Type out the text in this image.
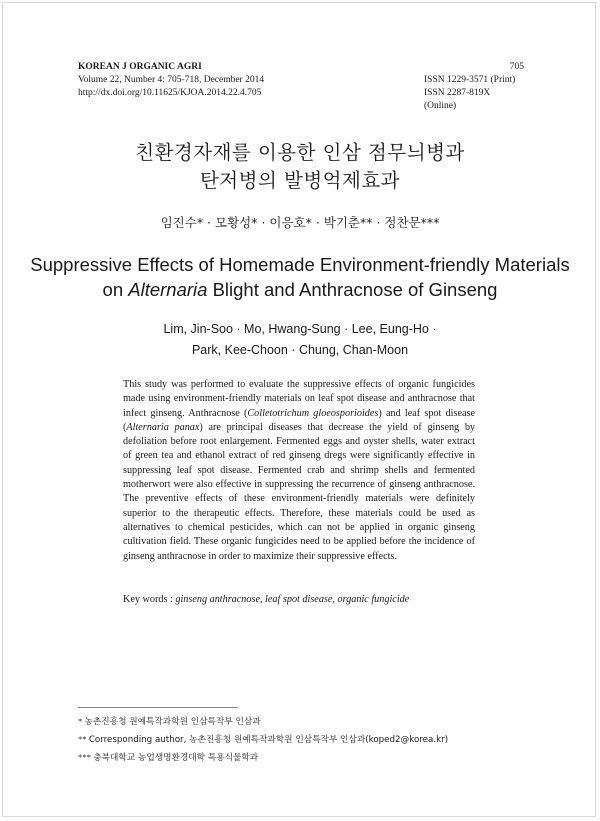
KOREAN J ORGANIC AGRI
Volume 22, Number 4: 705-718, December 2014
http://dx.doi.org/10.11625/KJOA.2014.22.4.705
705
ISSN 1229-3571 (Print)
ISSN 2287-819X (Online)
친환경자재를 이용한 인삼 점무늬병과
탄저병의 발병억제효과
임진수* · 모황성* · 이응호* · 박기춘** · 정찬문***
Suppressive Effects of Homemade Environment-friendly Materials
on Alternaria Blight and Anthracnose of Ginseng
Lim, Jin-Soo · Mo, Hwang-Sung · Lee, Eung-Ho ·
Park, Kee-Choon · Chung, Chan-Moon
This study was performed to evaluate the suppressive effects of organic fungicides made using environment-friendly materials on leaf spot disease and anthracnose that infect ginseng. Anthracnose (Colletotrichum gloeosporioides) and leaf spot disease (Alternaria panax) are principal diseases that decrease the yield of ginseng by defoliation before root enlargement. Fermented eggs and oyster shells, water extract of green tea and ethanol extract of red ginseng dregs were significantly effective in suppressing leaf spot disease. Fermented crab and shrimp shells and fermented motherwort were also effective in suppressing the recurrence of ginseng anthracnose. The preventive effects of these environment-friendly materials were definitely superior to the therapeutic effects. Therefore, these materials could be used as alternatives to chemical pesticides, which can not be applied in organic ginseng cultivation field. These organic fungicides need to be applied before the incidence of ginseng anthracnose in order to maximize their suppressive effects.
Key words : ginseng anthracnose, leaf spot disease, organic fungicide
* 농촌진흥청 원예특작과학원 인삼특작부 인삼과
** Corresponding author, 농촌진흥청 원예특작과학원 인삼특작부 인삼과(koped2@korea.kr)
*** 충북대학교 농업생명환경대학 특용식물학과
